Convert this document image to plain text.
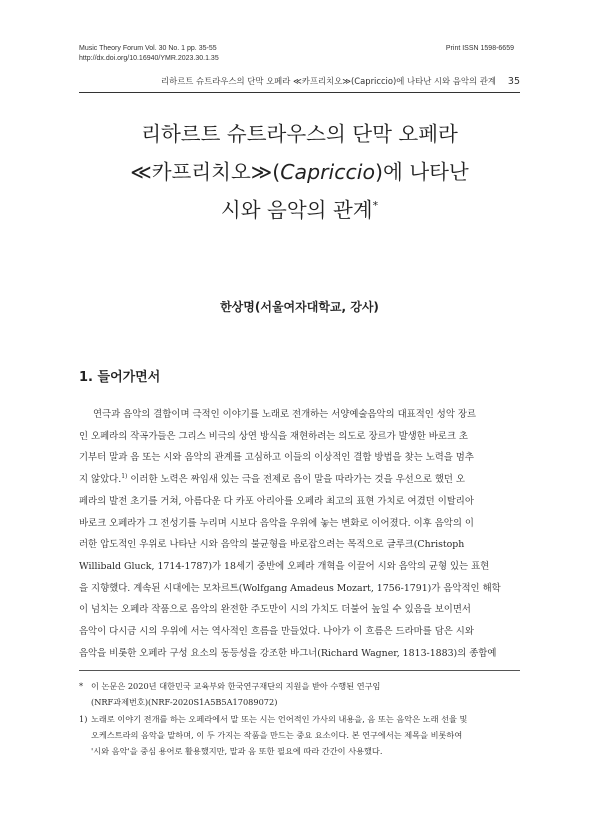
Music Theory Forum Vol. 30 No. 1 pp. 35-55
http://dx.doi.org/10.16940/YMR.2023.30.1.35
Print ISSN 1598-6659
리하르트 슈트라우스의 단막 오페라 ≪카프리치오≫(Capriccio)에 나타난 시와 음악의 관계 35
리하르트 슈트라우스의 단막 오페라
≪카프리치오≫(Capriccio)에 나타난
시와 음악의 관계*
한상명(서울여자대학교, 강사)
1. 들어가면서
연극과 음악의 결합이며 극적인 이야기를 노래로 전개하는 서양예술음악의 대표적인 성악 장르
인 오페라의 작곡가들은 그리스 비극의 상연 방식을 재현하려는 의도로 장르가 발생한 바로크 초
기부터 말과 음 또는 시와 음악의 관계를 고심하고 이들의 이상적인 결합 방법을 찾는 노력을 멈추
지 않았다.$^{1)}$ 이러한 노력은 짜임새 있는 극을 전제로 음이 말을 따라가는 것을 우선으로 했던 오
페라의 발전 초기를 거쳐, 아름다운 다 카포 아리아를 오페라 최고의 표현 가치로 여겼던 이탈리아
바로크 오페라가 그 전성기를 누리며 시보다 음악을 우위에 놓는 변화로 이어졌다. 이후 음악의 이
러한 압도적인 우위로 나타난 시와 음악의 불균형을 바로잡으려는 목적으로 글루크(Christoph
Willibald Gluck, 1714-1787)가 18세기 중반에 오페라 개혁을 이끌어 시와 음악의 균형 있는 표현
을 지향했다. 계속된 시대에는 모차르트(Wolfgang Amadeus Mozart, 1756-1791)가 음악적인 해학
이 넘치는 오페라 작품으로 음악의 완전한 주도만이 시의 가치도 더불어 높일 수 있음을 보이면서
음악이 다시금 시의 우위에 서는 역사적인 흐름을 만들었다. 나아가 이 흐름은 드라마를 담은 시와
음악을 비롯한 오페라 구성 요소의 동등성을 강조한 바그너(Richard Wagner, 1813-1883)의 종합예
* 이 논문은 2020년 대한민국 교육부와 한국연구재단의 지원을 받아 수행된 연구임
(NRF과제번호)(NRF-2020S1A5B5A17089072)
1) 노래로 이야기 전개를 하는 오페라에서 말 또는 시는 언어적인 가사의 내용을, 음 또는 음악은 노래 선율 및
오케스트라의 음악을 말하며, 이 두 가지는 작품을 만드는 중요 요소이다. 본 연구에서는 제목을 비롯하여
'시와 음악'을 중심 용어로 활용했지만, 말과 음 또한 필요에 따라 간간이 사용했다.
